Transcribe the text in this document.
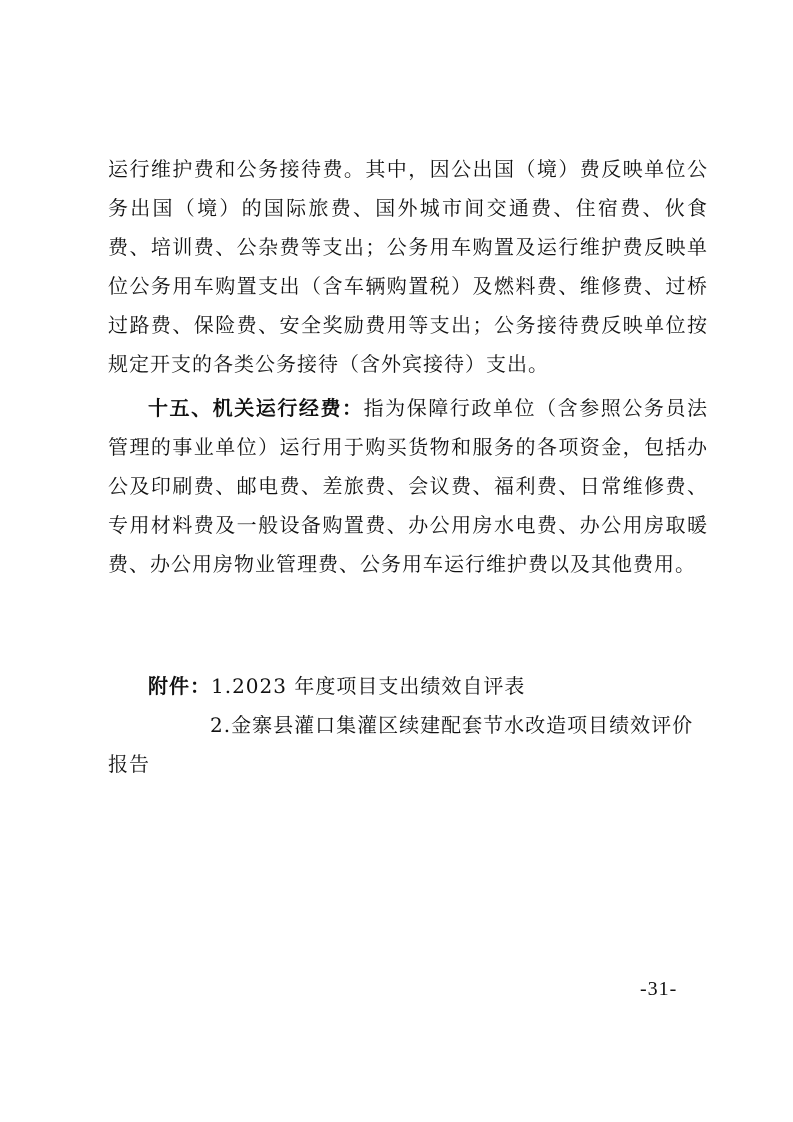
运行维护费和公务接待费。其中，因公出国（境）费反映单位公务出国（境）的国际旅费、国外城市间交通费、住宿费、伙食费、培训费、公杂费等支出；公务用车购置及运行维护费反映单位公务用车购置支出（含车辆购置税）及燃料费、维修费、过桥过路费、保险费、安全奖励费用等支出；公务接待费反映单位按规定开支的各类公务接待（含外宾接待）支出。

十五、机关运行经费：指为保障行政单位（含参照公务员法管理的事业单位）运行用于购买货物和服务的各项资金，包括办公及印刷费、邮电费、差旅费、会议费、福利费、日常维修费、专用材料费及一般设备购置费、办公用房水电费、办公用房取暖费、办公用房物业管理费、公务用车运行维护费以及其他费用。

附件：1.2023 年度项目支出绩效自评表

2.金寨县灌口集灌区续建配套节水改造项目绩效评价

报告

-31-
